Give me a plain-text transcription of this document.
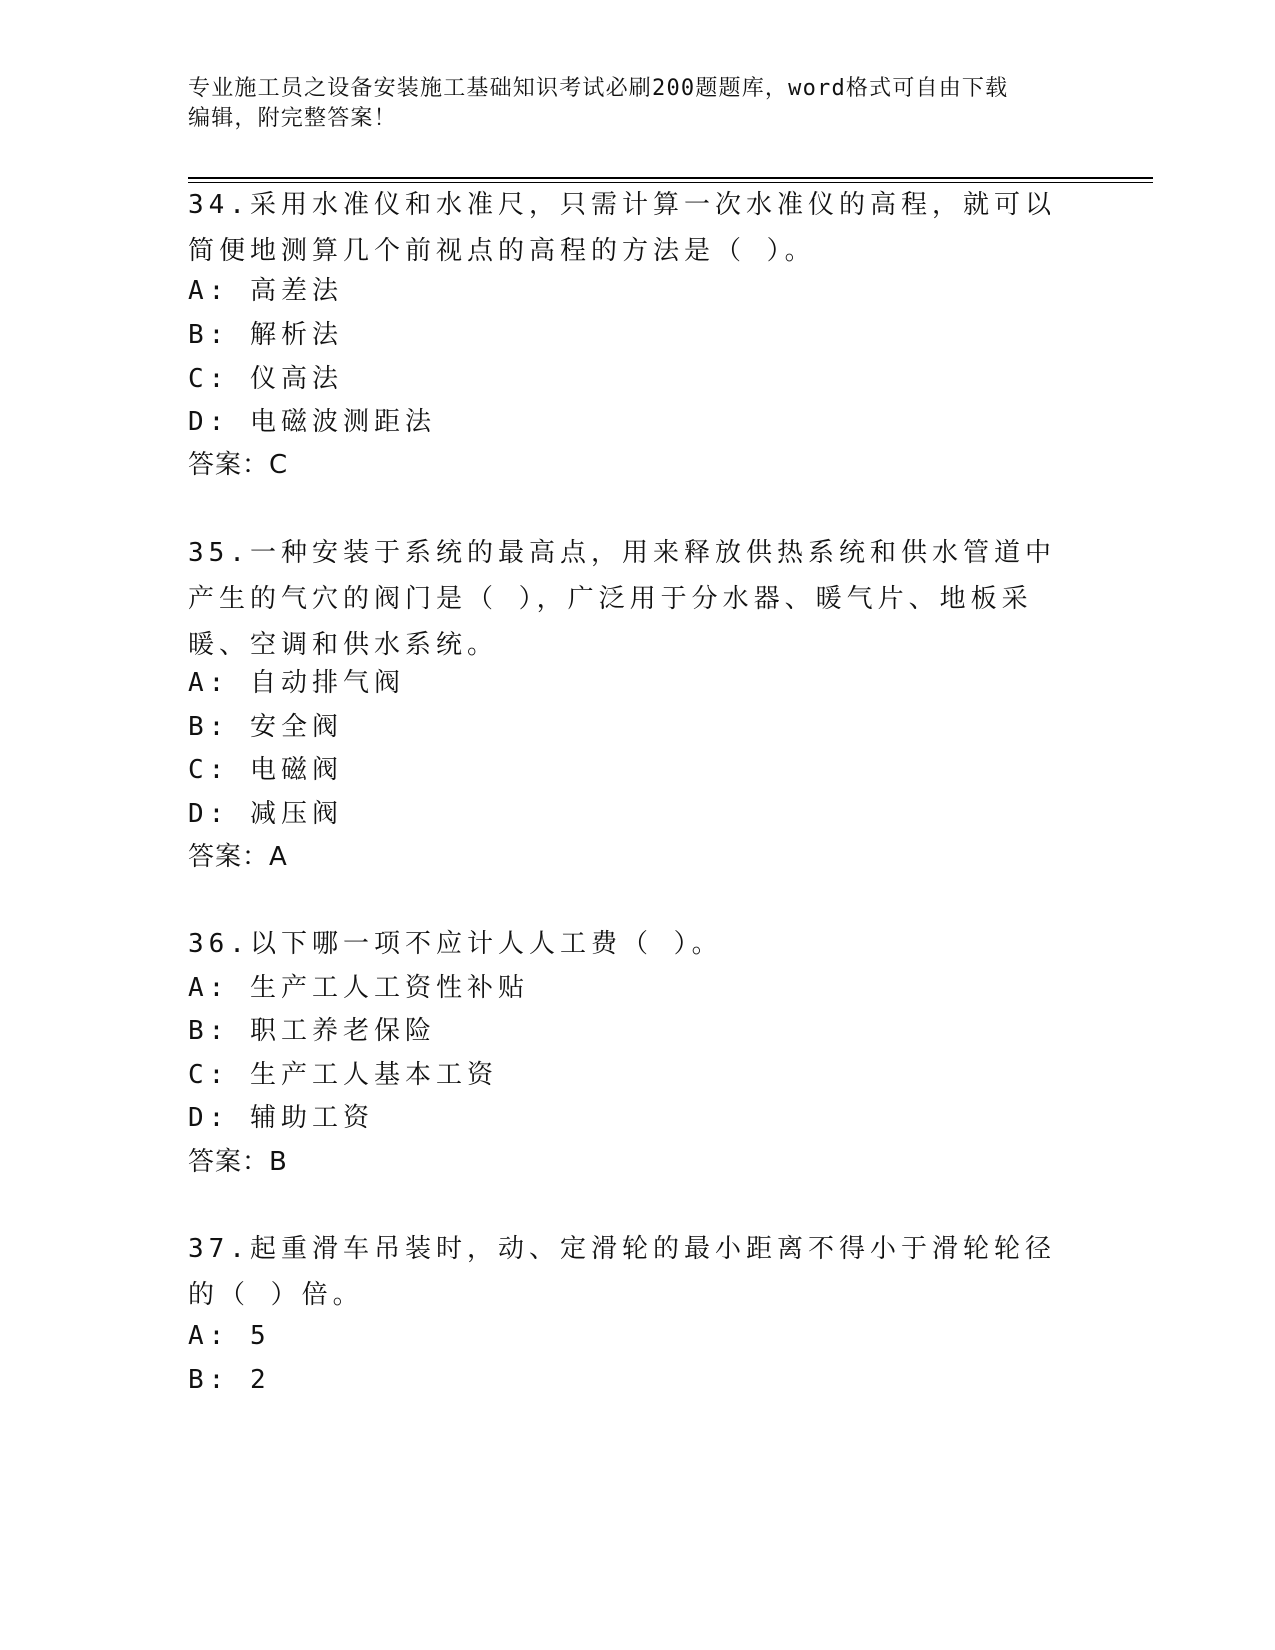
专业施工员之设备安装施工基础知识考试必刷200题题库，word格式可自由下载
编辑，附完整答案！
34.采用水准仪和水准尺，只需计算一次水准仪的高程，就可以简便地测算几个前视点的高程的方法是（ ）。
A: 高差法
B: 解析法
C: 仪高法
D: 电磁波测距法
答案：C
35.一种安装于系统的最高点，用来释放供热系统和供水管道中产生的气穴的阀门是（ ），广泛用于分水器、暖气片、地板采暖、空调和供水系统。
A: 自动排气阀
B: 安全阀
C: 电磁阀
D: 减压阀
答案：A
36.以下哪一项不应计人人工费（ ）。
A: 生产工人工资性补贴
B: 职工养老保险
C: 生产工人基本工资
D: 辅助工资
答案：B
37.起重滑车吊装时，动、定滑轮的最小距离不得小于滑轮轮径的（ ）倍。
A: 5
B: 2
